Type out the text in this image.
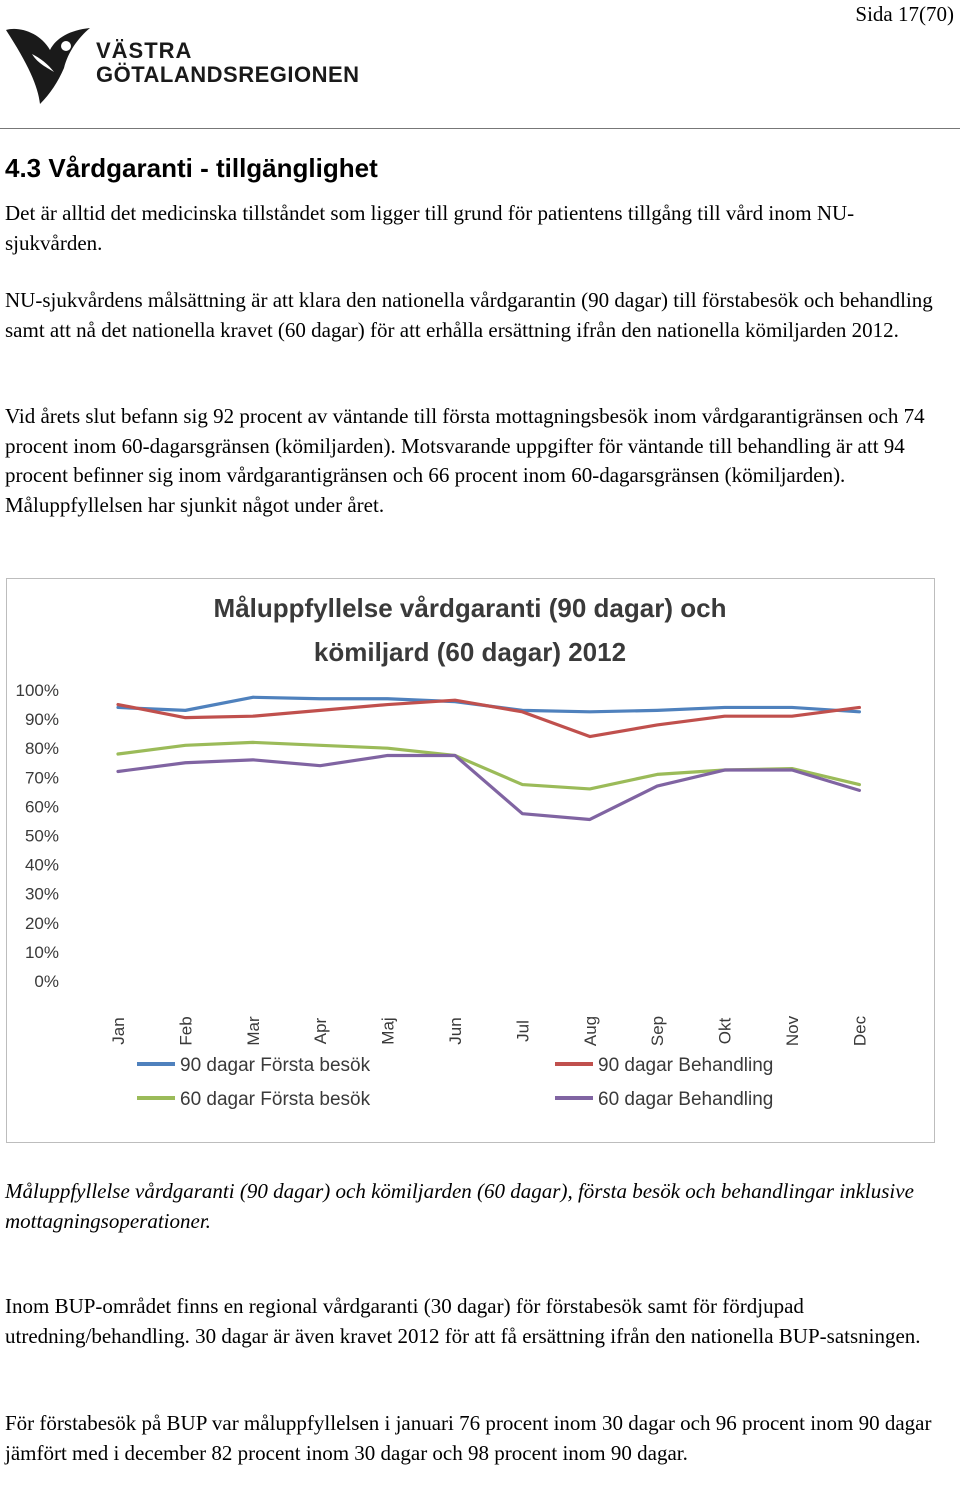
Sida 17(70)
VÄSTRA
GÖTALANDSREGIONEN
4.3 Vårdgaranti - tillgänglighet

Det är alltid det medicinska tillståndet som ligger till grund för patientens tillgång till vård inom NU-sjukvården.

NU-sjukvårdens målsättning är att klara den nationella vårdgarantin (90 dagar) till förstabesök och behandling samt att nå det nationella kravet (60 dagar) för att erhålla ersättning ifrån den nationella kömiljarden 2012.

Vid årets slut befann sig 92 procent av väntande till första mottagningsbesök inom vårdgarantigränsen och 74 procent inom 60-dagarsgränsen (kömiljarden). Motsvarande uppgifter för väntande till behandling är att 94 procent befinner sig inom vårdgarantigränsen och 66 procent inom 60-dagarsgränsen (kömiljarden). Måluppfyllelsen har sjunkit något under året.

Måluppfyllelse vårdgaranti (90 dagar) och
kömiljard (60 dagar) 2012
0%
10%
20%
30%
40%
50%
60%
70%
80%
90%
100%
Jan	Feb	Mar	Apr	Maj	Jun	Jul	Aug	Sep	Okt	Nov	Dec
90 dagar Första besök	90 dagar Behandling
60 dagar Första besök	60 dagar Behandling

Måluppfyllelse vårdgaranti (90 dagar) och kömiljarden (60 dagar), första besök och behandlingar inklusive mottagningsoperationer.

Inom BUP-området finns en regional vårdgaranti (30 dagar) för förstabesök samt för fördjupad utredning/behandling. 30 dagar är även kravet 2012 för att få ersättning ifrån den nationella BUP-satsningen.

För förstabesök på BUP var måluppfyllelsen i januari 76 procent inom 30 dagar och 96 procent inom 90 dagar jämfört med i december 82 procent inom 30 dagar och 98 procent inom 90 dagar.
